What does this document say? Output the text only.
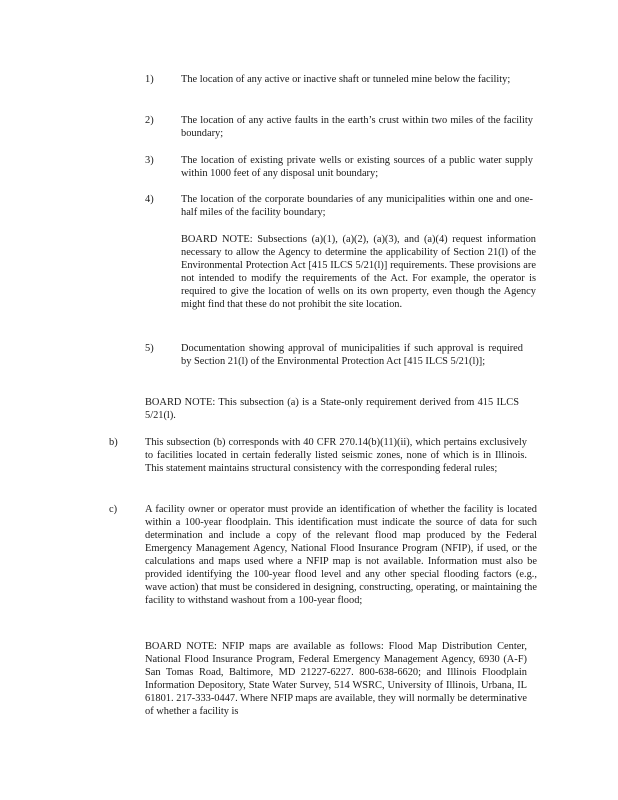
1)	The location of any active or inactive shaft or tunneled mine below the facility;
2)	The location of any active faults in the earth’s crust within two miles of the facility boundary;
3)	The location of existing private wells or existing sources of a public water supply within 1000 feet of any disposal unit boundary;
4)	The location of the corporate boundaries of any municipalities within one and one-half miles of the facility boundary;
BOARD NOTE: Subsections (a)(1), (a)(2), (a)(3), and (a)(4) request information necessary to allow the Agency to determine the applicability of Section 21(l) of the Environmental Protection Act [415 ILCS 5/21(l)] requirements. These provisions are not intended to modify the requirements of the Act. For example, the operator is required to give the location of wells on its own property, even though the Agency might find that these do not prohibit the site location.
5)	Documentation showing approval of municipalities if such approval is required by Section 21(l) of the Environmental Protection Act [415 ILCS 5/21(l)];
BOARD NOTE: This subsection (a) is a State-only requirement derived from 415 ILCS 5/21(l).
b)	This subsection (b) corresponds with 40 CFR 270.14(b)(11)(ii), which pertains exclusively to facilities located in certain federally listed seismic zones, none of which is in Illinois. This statement maintains structural consistency with the corresponding federal rules;
c)	A facility owner or operator must provide an identification of whether the facility is located within a 100-year floodplain. This identification must indicate the source of data for such determination and include a copy of the relevant flood map produced by the Federal Emergency Management Agency, National Flood Insurance Program (NFIP), if used, or the calculations and maps used where a NFIP map is not available. Information must also be provided identifying the 100-year flood level and any other special flooding factors (e.g., wave action) that must be considered in designing, constructing, operating, or maintaining the facility to withstand washout from a 100-year flood;
BOARD NOTE: NFIP maps are available as follows: Flood Map Distribution Center, National Flood Insurance Program, Federal Emergency Management Agency, 6930 (A-F) San Tomas Road, Baltimore, MD 21227-6227. 800-638-6620; and Illinois Floodplain Information Depository, State Water Survey, 514 WSRC, University of Illinois, Urbana, IL 61801. 217-333-0447. Where NFIP maps are available, they will normally be determinative of whether a facility is
